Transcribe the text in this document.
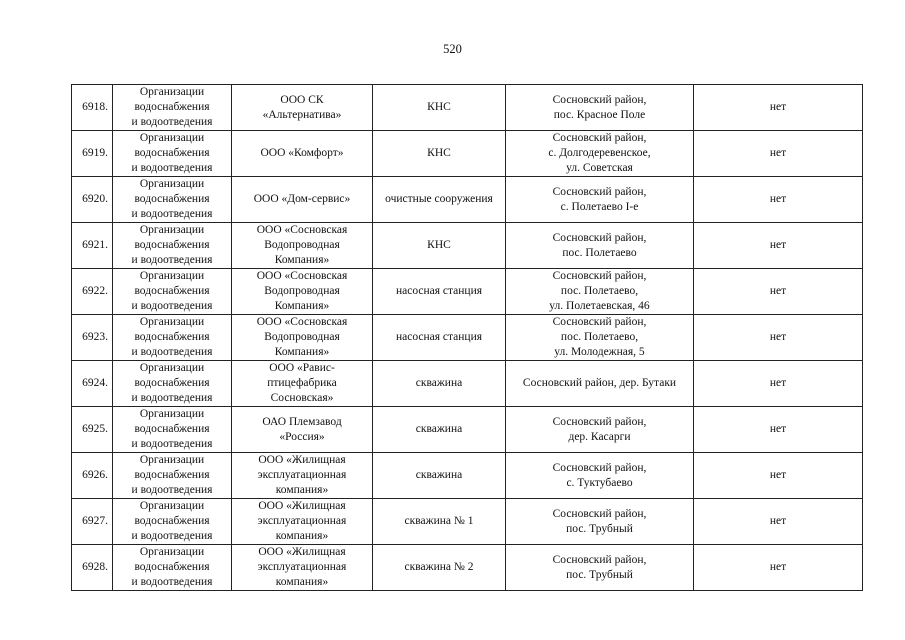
520
6918.	Организации
водоснабжения
и водоотведения	ООО СК
«Альтернатива»	КНС	Сосновский район,
пос. Красное Поле	нет
6919.	Организации
водоснабжения
и водоотведения	ООО «Комфорт»	КНС	Сосновский район,
с. Долгодеревенское,
ул. Советская	нет
6920.	Организации
водоснабжения
и водоотведения	ООО «Дом-сервис»	очистные сооружения	Сосновский район,
с. Полетаево I-е	нет
6921.	Организации
водоснабжения
и водоотведения	ООО «Сосновская
Водопроводная
Компания»	КНС	Сосновский район,
пос. Полетаево	нет
6922.	Организации
водоснабжения
и водоотведения	ООО «Сосновская
Водопроводная
Компания»	насосная станция	Сосновский район,
пос. Полетаево,
ул. Полетаевская, 46	нет
6923.	Организации
водоснабжения
и водоотведения	ООО «Сосновская
Водопроводная
Компания»	насосная станция	Сосновский район,
пос. Полетаево,
ул. Молодежная, 5	нет
6924.	Организации
водоснабжения
и водоотведения	ООО «Равис-
птицефабрика
Сосновская»	скважина	Сосновский район, дер. Бутаки	нет
6925.	Организации
водоснабжения
и водоотведения	ОАО Племзавод
«Россия»	скважина	Сосновский район,
дер. Касарги	нет
6926.	Организации
водоснабжения
и водоотведения	ООО «Жилищная
эксплуатационная
компания»	скважина	Сосновский район,
с. Туктубаево	нет
6927.	Организации
водоснабжения
и водоотведения	ООО «Жилищная
эксплуатационная
компания»	скважина № 1	Сосновский район,
пос. Трубный	нет
6928.	Организации
водоснабжения
и водоотведения	ООО «Жилищная
эксплуатационная
компания»	скважина № 2	Сосновский район,
пос. Трубный	нет
